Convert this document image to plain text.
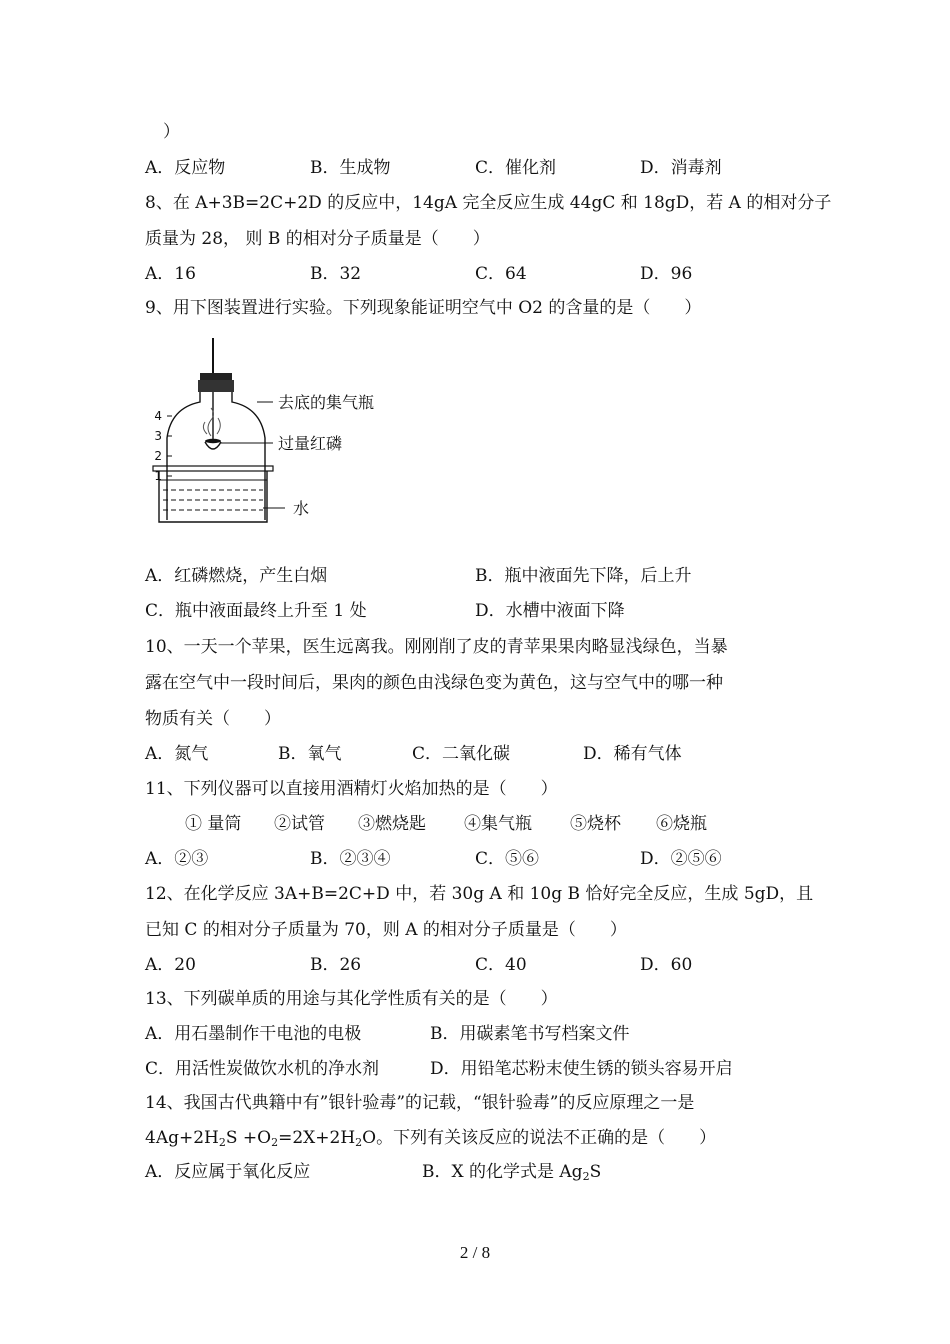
）
A．反应物	B．生成物	C．催化剂	D．消毒剂
8、在 A+3B=2C+2D 的反应中，14gA 完全反应生成 44gC 和 18gD，若 A 的相对分子
质量为 28， 则 B 的相对分子质量是（　　）
A．16	B．32	C．64	D．96
9、用下图装置进行实验。下列现象能证明空气中 O2 的含量的是（　　）
4
3
2
1
去底的集气瓶
过量红磷
水
A．红磷燃烧，产生白烟	B．瓶中液面先下降，后上升
C．瓶中液面最终上升至 1 处	D．水槽中液面下降
10、一天一个苹果，医生远离我。刚刚削了皮的青苹果果肉略显浅绿色，当暴
露在空气中一段时间后，果肉的颜色由浅绿色变为黄色，这与空气中的哪一种
物质有关（　　）
A．氮气	B．氧气	C．二氧化碳	D．稀有气体
11、下列仪器可以直接用酒精灯火焰加热的是（　　）
① 量筒 ②试管 ③燃烧匙 ④集气瓶 ⑤烧杯 ⑥烧瓶
A．②③	B．②③④	C．⑤⑥	D．②⑤⑥
12、在化学反应 3A+B=2C+D 中，若 30g A 和 10g B 恰好完全反应，生成 5gD，且
已知 C 的相对分子质量为 70，则 A 的相对分子质量是（　　）
A．20	B．26	C．40	D．60
13、下列碳单质的用途与其化学性质有关的是（　　）
A．用石墨制作干电池的电极	B．用碳素笔书写档案文件
C．用活性炭做饮水机的净水剂	D．用铅笔芯粉末使生锈的锁头容易开启
14、我国古代典籍中有”银针验毒”的记载，“银针验毒”的反应原理之一是
$4Ag+2H_2S +O_2=2X+2H_2O$。下列有关该反应的说法不正确的是（　　）
A．反应属于氧化反应	B．X 的化学式是 $Ag_2S$
2 / 8
